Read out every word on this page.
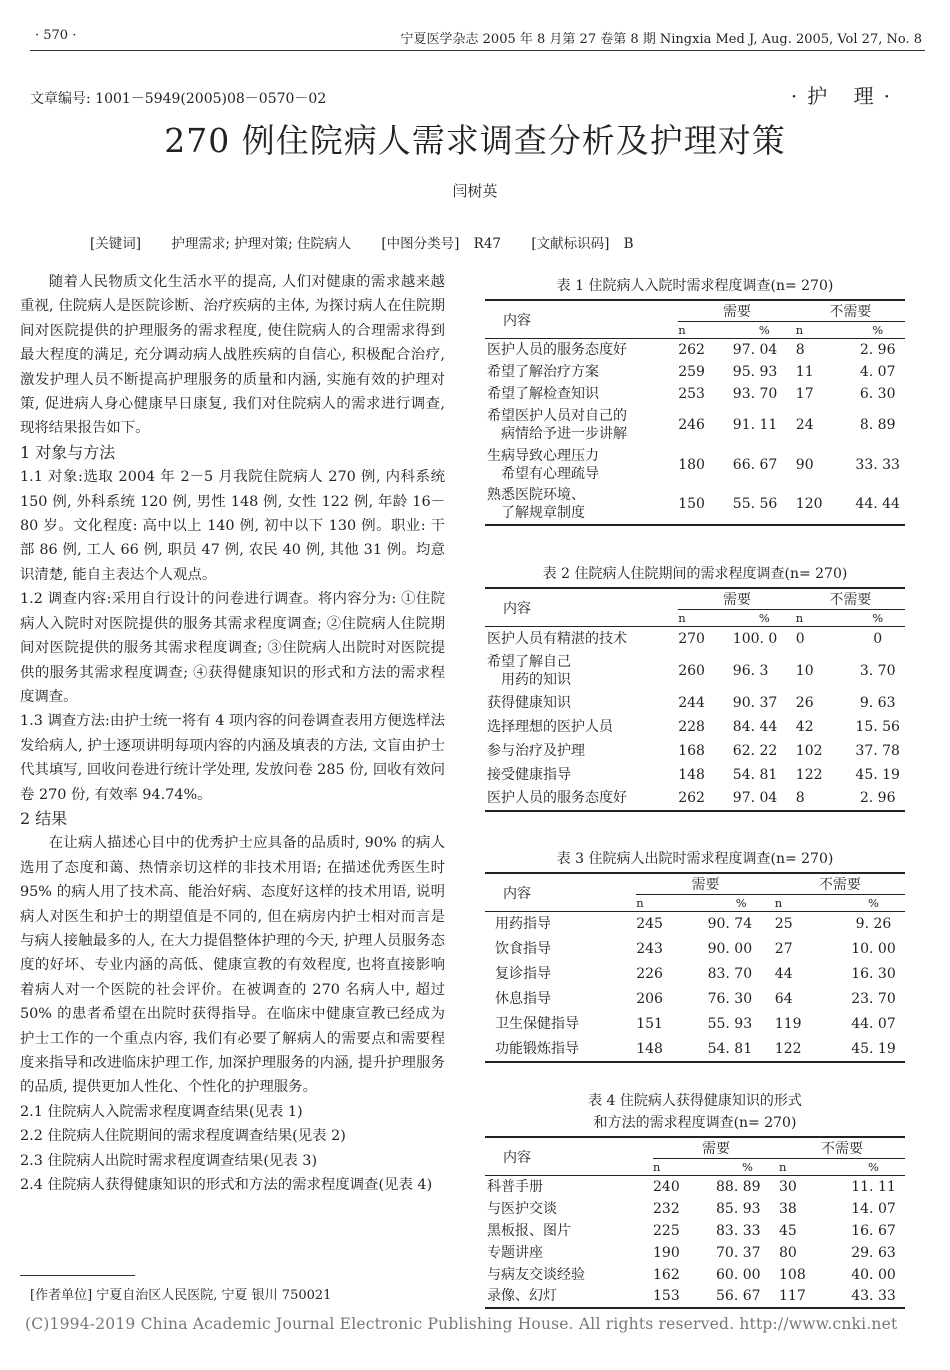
· 570 ·	宁夏医学杂志 2005 年 8 月第 27 卷第 8 期 Ningxia Med J, Aug. 2005, Vol 27, No. 8
文章编号: 1001－5949(2005)08－0570－02	·护 理·
270 例住院病人需求调查分析及护理对策
闫树英
[关键词] 护理需求; 护理对策; 住院病人 [中图分类号] R47 [文献标识码] B

随着人民物质文化生活水平的提高, 人们对健康的需求越来越重视, 住院病人是医院诊断、治疗疾病的主体, 为探讨病人在住院期间对医院提供的护理服务的需求程度, 使住院病人的合理需求得到最大程度的满足, 充分调动病人战胜疾病的自信心, 积极配合治疗, 激发护理人员不断提高护理服务的质量和内涵, 实施有效的护理对策, 促进病人身心健康早日康复, 我们对住院病人的需求进行调查, 现将结果报告如下。

1 对象与方法

1.1 对象:选取 2004 年 2－5 月我院住院病人 270 例, 内科系统 150 例, 外科系统 120 例, 男性 148 例, 女性 122 例, 年龄 16－80 岁。文化程度: 高中以上 140 例, 初中以下 130 例。职业: 干部 86 例, 工人 66 例, 职员 47 例, 农民 40 例, 其他 31 例。均意识清楚, 能自主表达个人观点。

1.2 调查内容:采用自行设计的问卷进行调查。将内容分为: ①住院病人入院时对医院提供的服务其需求程度调查; ②住院病人住院期间对医院提供的服务其需求程度调查; ③住院病人出院时对医院提供的服务其需求程度调查; ④获得健康知识的形式和方法的需求程度调查。

1.3 调查方法:由护士统一将有 4 项内容的问卷调查表用方便选样法发给病人, 护士逐项讲明每项内容的内涵及填表的方法, 文盲由护士代其填写, 回收问卷进行统计学处理, 发放问卷 285 份, 回收有效问卷 270 份, 有效率 94.74%。

2 结果

在让病人描述心目中的优秀护士应具备的品质时, 90% 的病人选用了态度和蔼、热情亲切这样的非技术用语; 在描述优秀医生时 95% 的病人用了技术高、能治好病、态度好这样的技术用语, 说明病人对医生和护士的期望值是不同的, 但在病房内护士相对而言是与病人接触最多的人, 在大力提倡整体护理的今天, 护理人员服务态度的好坏、专业内涵的高低、健康宣教的有效程度, 也将直接影响着病人对一个医院的社会评价。在被调查的 270 名病人中, 超过 50% 的患者希望在出院时获得指导。在临床中健康宣教已经成为护士工作的一个重点内容, 我们有必要了解病人的需要点和需要程度来指导和改进临床护理工作, 加深护理服务的内涵, 提升护理服务的品质, 提供更加人性化、个性化的护理服务。

2.1 住院病人入院需求程度调查结果(见表 1)

2.2 住院病人住院期间的需求程度调查结果(见表 2)

2.3 住院病人出院时需求程度调查结果(见表 3)

2.4 住院病人获得健康知识的形式和方法的需求程度调查(见表 4)

[作者单位] 宁夏自治区人民医院, 宁夏 银川 750021
表 1 住院病人入院时需求程度调查(n= 270)
内容	需要		不需要	
	n	%	n	%

医护人员的服务态度好	262	97. 04	8	2. 96

希望了解治疗方案	259	95. 93	11	4. 07

希望了解检查知识	253	93. 70	17	6. 30

希望医护人员对自己的
病情给予进一步讲解	246	91. 11	24	8. 89

生病导致心理压力
希望有心理疏导	180	66. 67	90	33. 33

熟悉医院环境、
了解规章制度	150	55. 56	120	44. 44
表 2 住院病人住院期间的需求程度调查(n= 270)
内容	需要		不需要	
	n	%	n	%

医护人员有精湛的技术	270	100. 0	0	0

希望了解自己
用药的知识	260	96. 3	10	3. 70

获得健康知识	244	90. 37	26	9. 63

选择理想的医护人员	228	84. 44	42	15. 56

参与治疗及护理	168	62. 22	102	37. 78

接受健康指导	148	54. 81	122	45. 19

医护人员的服务态度好	262	97. 04	8	2. 96
表 3 住院病人出院时需求程度调查(n= 270)
内容	需要		不需要	
	n	%	n	%

用药指导	245	90. 74	25	9. 26

饮食指导	243	90. 00	27	10. 00

复诊指导	226	83. 70	44	16. 30

休息指导	206	76. 30	64	23. 70

卫生保健指导	151	55. 93	119	44. 07

功能锻炼指导	148	54. 81	122	45. 19
表 4 住院病人获得健康知识的形式
和方法的需求程度调查(n= 270)
内容	需要		不需要	
	n	%	n	%

科普手册	240	88. 89	30	11. 11

与医护交谈	232	85. 93	38	14. 07

黑板报、图片	225	83. 33	45	16. 67

专题讲座	190	70. 37	80	29. 63

与病友交谈经验	162	60. 00	108	40. 00

录像、幻灯	153	56. 67	117	43. 33
(C)1994-2019 China Academic Journal Electronic Publishing House. All rights reserved. http://www.cnki.net
